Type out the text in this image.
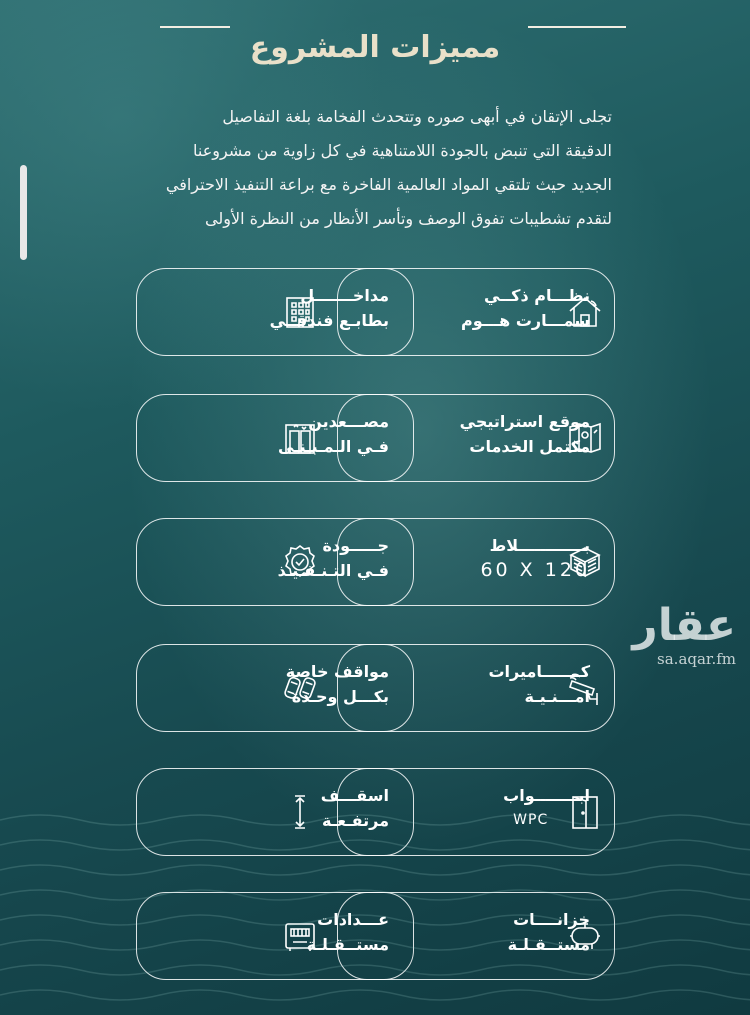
مميزات المشروع

تجلى الإتقان في أبهى صوره وتتحدث الفخامة بلغة التفاصيل

الدقيقة التي تنبض بالجودة اللامتناهية في كل زاوية من مشروعنا

الجديد حيث تلتقي المواد العالمية الفاخرة مع براعة التنفيذ الاحترافي

لتقدم تشطيبات تفوق الوصف وتأسر الأنظار من النظرة الأولى

نظـــام ذكــي
سمـــارت هـــوم
مداخـــــــل
بطابـع فندقــي
موقع استراتيجي
مكتمل الخدمات
مصـــعدين
فـي الـمـبـنـى
بــــــــــــلاط
60 X 120
جـــــودة
فـي التـنـفـيـذ
كـــــــاميرات
امـــنـيـة
مواقف خاصة
بكـــل وحـدة
ابــــــــواب
WPC
اسقـــف
مرتفـعـة
خزانــــات
مستــقـلـة
عـــدادات
مستــقـلـة
عقار
sa.aqar.fm
